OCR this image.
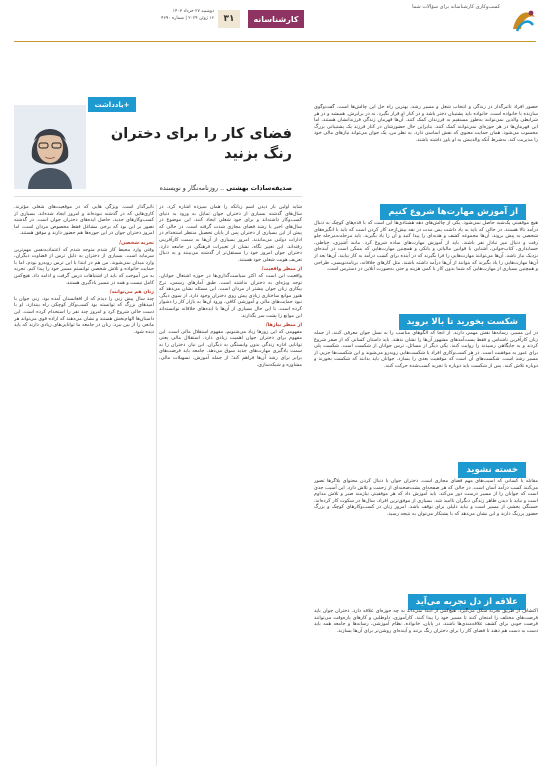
کسب‌وکاری کارشناسانه برای سؤالات شما
کارشناسانه
۳۱
دوشنبه ۲۷ خرداد ۱۴۰۳
۱۶ ژوئن ۲۰۲۴ | شماره ۴۶۹۰

حضور افراد تأثیرگذار در زندگی و انتخاب شغل و مسیر رشد، بهترین راه حل این چالش‌ها است. گفت‌وگوی سازنده با خانواده است. خانواده باید پشتیبان دختر باشد و در کنار او قرار بگیرد. نه در برابرش. همیشه و در هر شرایطی والدین نمی‌توانند به‌طور مستقیم به فرزندان کمک کنند. آن‌ها قهرمان زندگی فرزندانشان هستند، اما این قهرمان‌ها در هر حوزه‌ای نمی‌توانند کمک کنند. بنابراین حال حضورشان در کنار فرزند یک پشتیبانی بزرگ محسوب می‌شود. همان حمایت معنوی که نقش اساسی دارد. به نظر من، یک جوان می‌تواند نیازهای مالی خود را مدیریت کند. به‌شرط آنکه والدینش به او باور داشته باشند.

از آموزش مهارت‌ها شروع کنیم

هیچ موفقیتی یک‌شبه حاصل نمی‌شود. یکی از چالش‌های دهه هشتادی‌ها این است که با قدم‌های کوچک به دنبال درآمد بالا هستند. در حالی که باید به یاد داشت پس مدت در نقه بیش‌ازحد کار کردن است که باید با انگیزه‌های شخصی به پیش بروند. آن‌ها مجموعه کشف و هدیه‌ای را پیدا کنید و آن را یاد بگیرید. باید مرحله‌به‌مرحله جلو رفت و دنبال میز تبادل نفر باشند. باید از آموزش مهارت‌های ساده شروع کرد. مانند آشپزی، خیاطی، حسابداری، کتاب‌خوانی، آشنایی با قوانین مالیاتی و بانکی و همچنین مهارت‌هایی که ممکن است در آینده‌ای نزدیک نیاز باشد. آن‌ها می‌توانند مهارت‌هایی را فرا بگیرند که در آینده برای کسب درآمد به کار بیایند. آن‌ها بعد از آن‌ها مهارت‌هایی را یاد بگیرند که بتوانند از آن‌ها درآمد داشته باشند. مثل کارهای خلاقانه، برنامه‌نویسی، طراحی و همچنین بسیاری از مهارت‌هایی که شما بدون کار با کمی هزینه و حتی به‌صورت آنلاین در دسترس است.

شکست بخورید تا بالا بروید

در این مسیر، رسانه‌ها نقش مهمی دارند. از آنجا که الگوهای مناسب را به نسل جوان معرفی کنند، از جمله زنان کارآفرین ناشناس و فقط پست‌آمدهای مشهور آن‌ها را نشان ندهند. باید داستان کسانی که از صفر شروع کردند و به جایگاهی رسیدند را روایت کنند. یکی دیگر از مسائل، ترس جوانان از شکست است. شکست پلی برای عبور به موفقیت است. در هر کسب‌وکاری افراد با شکست‌هایی روبه‌رو می‌شوند و این شکست‌ها جزیی از مسیر رشد است. شکست‌های آن است که موفقیت بعدی را بسازد. جوانان باید بدانند که شکست بخورند و دوباره تلاش کنند. پس از شکست باید دوباره با تجربه کسب‌شده حرکت کنند.

خسته نشوید

مقابله با کسانی که آسیب‌های مهم فضای مجازی است. دختران جوان با دنبال کردن محتوای بلاگرها تصور می‌کنند کسب درآمد آسان است. در حالی که هر صفحه‌ای پشت‌صحنه‌ای از زحمت و تلاش دارد. این آسیب جدی است که جوانان را از مسیر درست دور می‌کند. باید آموزش داد که هر موفقیتی نیازمند صبر و تلاش مداوم است و نباید با دیدن ظاهر زندگی دیگران ناامید شد. بسیاری از موفق‌ترین افراد، سال‌ها در سکوت کار کرده‌اند. خستگی بخشی از مسیر است و نباید دلیلی برای توقف باشد. امروز زنان در کسب‌وکارهای کوچک و بزرگ حضور پررنگ دارند و این نشان می‌دهد که با پشتکار می‌توان به نتیجه رسید.

علاقه از دل تجربه می‌آید

اکتشاف از طریق تجربه شکل می‌گیرد. هیچ‌کس از ابتدا نمی‌داند به چه حوزه‌ای علاقه دارد. دختران جوان باید فرصت‌های مختلف را امتحان کنند تا مسیر خود را پیدا کنند. کارآموزی، داوطلبی و کارهای پاره‌وقت می‌توانند فرصت خوبی برای کشف علاقه‌مندی‌ها باشند. در پایان، خانواده، نظام آموزشی، رسانه‌ها و جامعه همه باید دست به دست هم دهند تا فضای کار را برای دختران رنگ بزنند و آینده‌ای روشن‌تر برای آن‌ها بسازند.

+یادداشت
فضای کار را برای دختران رنگ بزنید
صدیقه‌سادات بهشتی .. روزنامه‌نگار و نویسنده

شاید اولین بار دیدن اسم زبانکه را همان سیزده اشاره کرد. در سال‌های گذشته بسیاری از دختران جوان تمایل به ورود به دنیای کسب‌وکار داشته‌اند و برای خود شغلی ایجاد کنند. این موضوع در سال‌های اخیر با رشد فضای مجازی شدت گرفته است. در حالی که پیش از این بسیاری از دختران پس از پایان تحصیل منتظر استخدام در ادارات دولتی می‌ماندند. امروز بسیاری از آن‌ها به سمت کارآفرینی رفته‌اند. این تغییر نگاه، نشان از تغییرات فرهنگی در جامعه دارد. دختران جوان امروز خود را مستقل‌تر از گذشته می‌بینند و به دنبال تعریف هویت شغلی خود هستند.

از منظر واقعیت/

واقعیت این است که اکثر سیاست‌گذاری‌ها در حوزه اشتغال جوانان، توجه ویژه‌ای به دختران نداشته است. طبق آمارهای رسمی، نرخ بیکاری زنان جوان بیشتر از مردان است. این مسئله نشان می‌دهد که هنوز موانع ساختاری زیادی پیش روی دختران وجود دارد. از سوی دیگر، نبود حمایت‌های مالی و آموزشی کافی، ورود آن‌ها به بازار کار را دشوار کرده است. با این حال بسیاری از آن‌ها با ایده‌های خلاقانه توانسته‌اند این موانع را پشت سر بگذارند.

از منظر نیازها/

مفهومی که این روزها زیاد می‌شنویم، مفهوم استقلال مالی است. این مفهوم برای دختران جوان اهمیت زیادی دارد. استقلال مالی یعنی توانایی اداره زندگی بدون وابستگی به دیگران. این نیاز، دختران را به سمت یادگیری مهارت‌های جدید سوق می‌دهد. جامعه باید فرصت‌های برابر برای رشد آن‌ها فراهم کند؛ از جمله آموزش، تسهیلات مالی، مشاوره و شبکه‌سازی.

تأثیرگذار است. ویژگی هایی که در موقعیت‌های شغلی مؤثرند. کاری‌هایی که در گذشته نبوده‌اند و امروز ایجاد شده‌اند. بسیاری از کسب‌وکارهای جدید، حاصل ایده‌های دختران جوان است. در گذشته تصور بر این بود که برخی مشاغل فقط مخصوص مردان است، اما امروز دختران جوان در این حوزه‌ها هم حضور دارند و موفق هستند.

تجربه شخصی/

وقتی وارد محیط کار شدم متوجه شدم که اعتمادبه‌نفس مهم‌ترین سرمایه است. بسیاری از دختران به دلیل ترس از قضاوت دیگران، وارد میدان نمی‌شوند. من هم در ابتدا با این ترس روبه‌رو بودم، اما با حمایت خانواده و تلاش شخصی توانستم مسیر خود را پیدا کنم. تجربه به من آموخت که باید از اشتباهات درس گرفت و ادامه داد. هیچ‌کس کامل نیست و همه در مسیر یادگیری هستند.

زنان هم می‌توانند/

چند سال پیش زنی را دیدم که از افغانستان آمده بود. زنی جوان با امیدهای بزرگ که توانسته بود کسب‌وکار کوچکی راه بیندازد. او با دست خالی شروع کرد و امروز چند نفر را استخدام کرده است. این داستان‌ها الهام‌بخش هستند و نشان می‌دهند که اراده قوی می‌تواند هر مانعی را از بین ببرد. زنان در جامعه ما توانایی‌های زیادی دارند که باید دیده شود.
